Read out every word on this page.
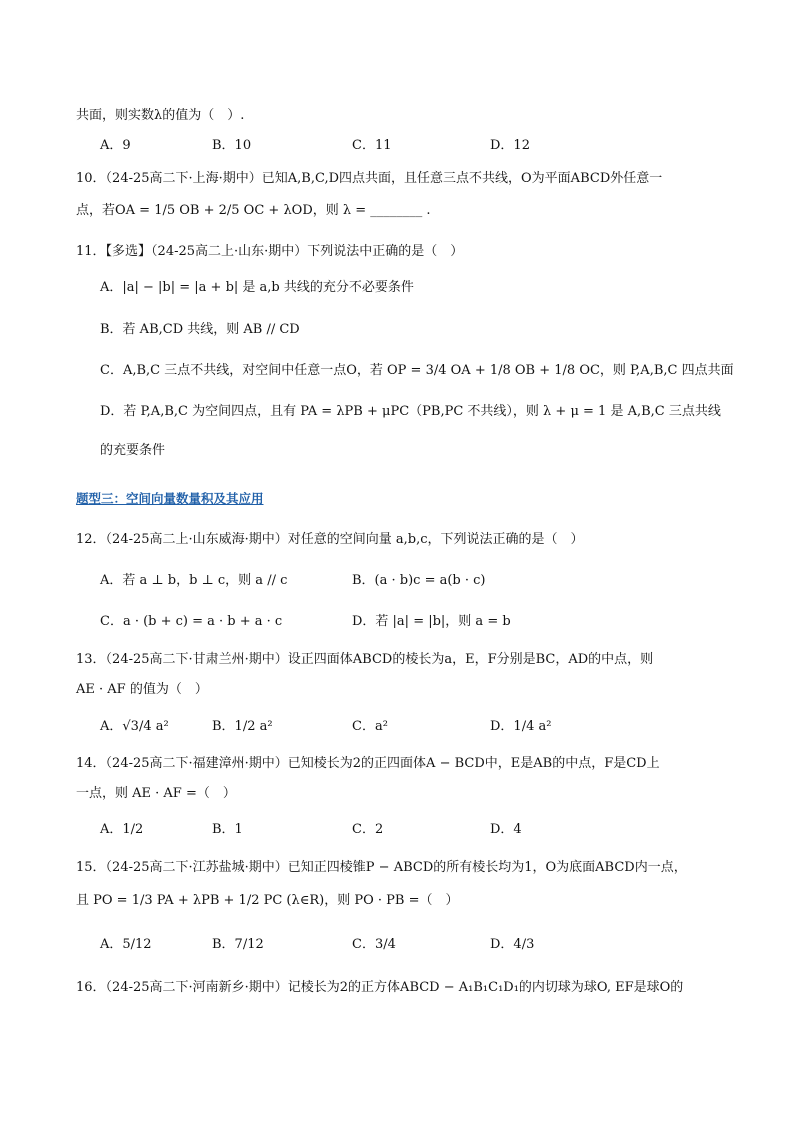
共面，则实数λ的值为（　）.
A．9	B．10	C．11	D．12
10．（24-25高二下·上海·期中）已知A,B,C,D四点共面，且任意三点不共线，O为平面ABCD外任意一
点，若OA = 1/5 OB + 2/5 OC + λOD，则 λ = ________ .
11．【多选】（24-25高二上·山东·期中）下列说法中正确的是（　）
A．|a| − |b| = |a + b| 是 a,b 共线的充分不必要条件
B．若 AB,CD 共线，则 AB // CD
C．A,B,C 三点不共线，对空间中任意一点O，若 OP = 3/4 OA + 1/8 OB + 1/8 OC，则 P,A,B,C 四点共面
D．若 P,A,B,C 为空间四点，且有 PA = λPB + μPC（PB,PC 不共线），则 λ + μ = 1 是 A,B,C 三点共线
的充要条件
题型三：空间向量数量积及其应用
12．（24-25高二上·山东威海·期中）对任意的空间向量 a,b,c，下列说法正确的是（　）
A．若 a ⊥ b，b ⊥ c，则 a // c	B．(a · b)c = a(b · c)
C．a · (b + c) = a · b + a · c	D．若 |a| = |b|，则 a = b
13．（24-25高二下·甘肃兰州·期中）设正四面体ABCD的棱长为a，E，F分别是BC，AD的中点，则
AE · AF 的值为（　）
A．√3/4 a²	B．1/2 a²	C．a²	D．1/4 a²
14．（24-25高二下·福建漳州·期中）已知棱长为2的正四面体A − BCD中，E是AB的中点，F是CD上
一点，则 AE · AF =（　）
A．1/2	B．1	C．2	D．4
15．（24-25高二下·江苏盐城·期中）已知正四棱锥P − ABCD的所有棱长均为1，O为底面ABCD内一点，
且 PO = 1/3 PA + λPB + 1/2 PC (λ∈R)，则 PO · PB =（　）
A．5/12	B．7/12	C．3/4	D．4/3
16．（24-25高二下·河南新乡·期中）记棱长为2的正方体ABCD − A₁B₁C₁D₁的内切球为球O, EF是球O的
